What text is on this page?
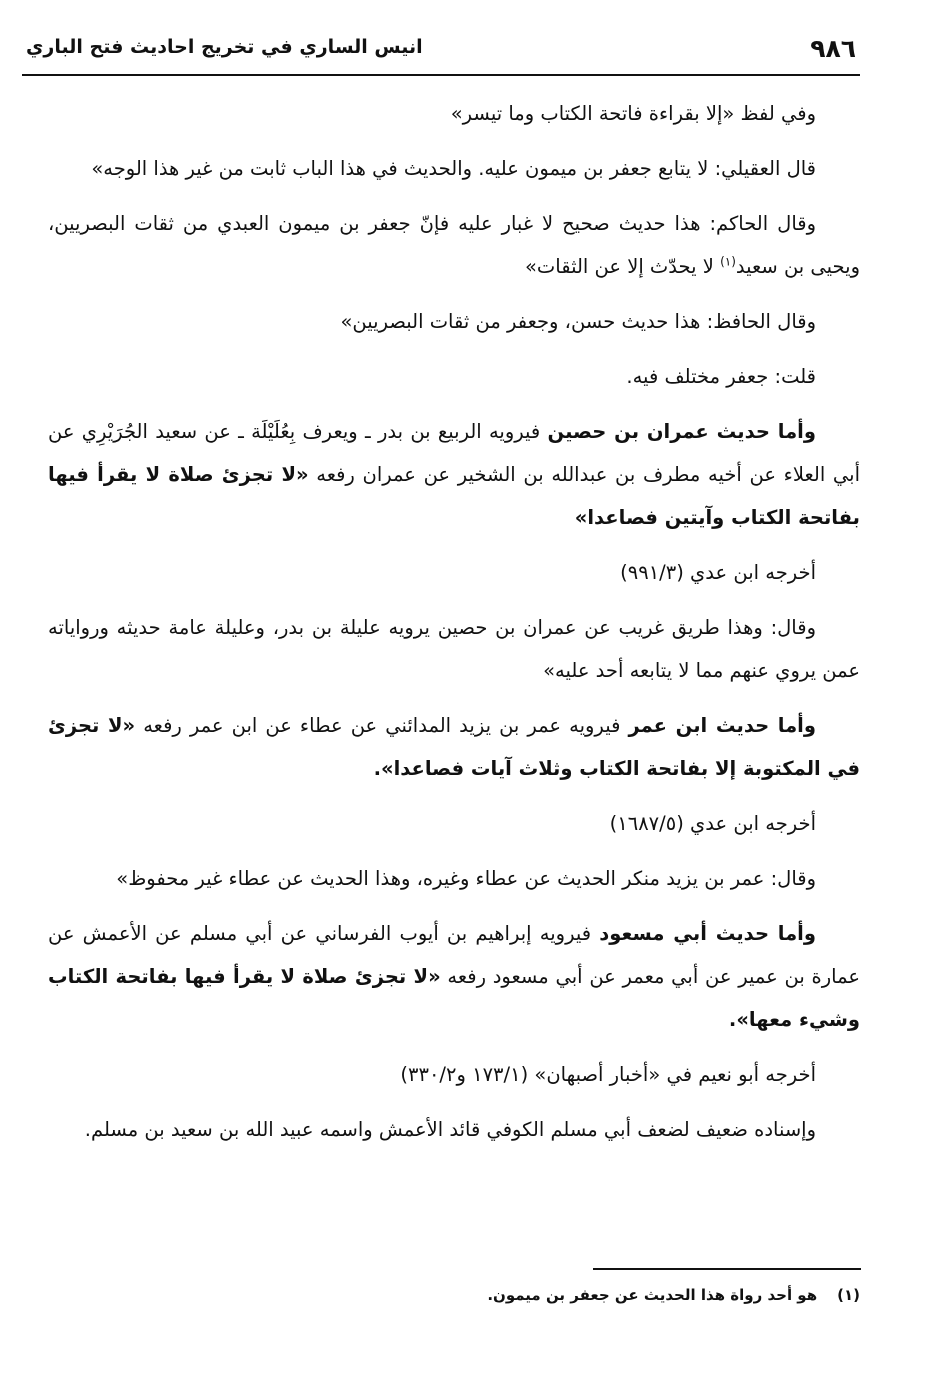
٩٨٦
انيس الساري في تخريج احاديث فتح الباري

وفي لفظ «إلا بقراءة فاتحة الكتاب وما تيسر»

قال العقيلي: لا يتابع جعفر بن ميمون عليه. والحديث في هذا الباب ثابت من غير هذا الوجه»

وقال الحاكم: هذا حديث صحيح لا غبار عليه فإنّ جعفر بن ميمون العبدي من ثقات البصريين، ويحيى بن سعيد$^{(١)}$ لا يحدّث إلا عن الثقات»

وقال الحافظ: هذا حديث حسن، وجعفر من ثقات البصريين»

قلت: جعفر مختلف فيه.

وأما حديث عمران بن حصين فيرويه الربيع بن بدر ـ ويعرف بِعُلَيْلَة ـ عن سعيد الجُرَيْرِي عن أبي العلاء عن أخيه مطرف بن عبدالله بن الشخير عن عمران رفعه «لا تجزئ صلاة لا يقرأ فيها بفاتحة الكتاب وآيتين فصاعدا»

أخرجه ابن عدي (٩٩١/٣)

وقال: وهذا طريق غريب عن عمران بن حصين يرويه عليلة بن بدر، وعليلة عامة حديثه ورواياته عمن يروي عنهم مما لا يتابعه أحد عليه»

وأما حديث ابن عمر فيرويه عمر بن يزيد المدائني عن عطاء عن ابن عمر رفعه «لا تجزئ في المكتوبة إلا بفاتحة الكتاب وثلاث آيات فصاعدا».

أخرجه ابن عدي (١٦٨٧/٥)

وقال: عمر بن يزيد منكر الحديث عن عطاء وغيره، وهذا الحديث عن عطاء غير محفوظ»

وأما حديث أبي مسعود فيرويه إبراهيم بن أيوب الفرساني عن أبي مسلم عن الأعمش عن عمارة بن عمير عن أبي معمر عن أبي مسعود رفعه «لا تجزئ صلاة لا يقرأ فيها بفاتحة الكتاب وشيء معها».

أخرجه أبو نعيم في «أخبار أصبهان» (١٧٣/١ و٣٣٠/٢)

وإسناده ضعيف لضعف أبي مسلم الكوفي قائد الأعمش واسمه عبيد الله بن سعيد بن مسلم.

(١)هو أحد رواة هذا الحديث عن جعفر بن ميمون.
